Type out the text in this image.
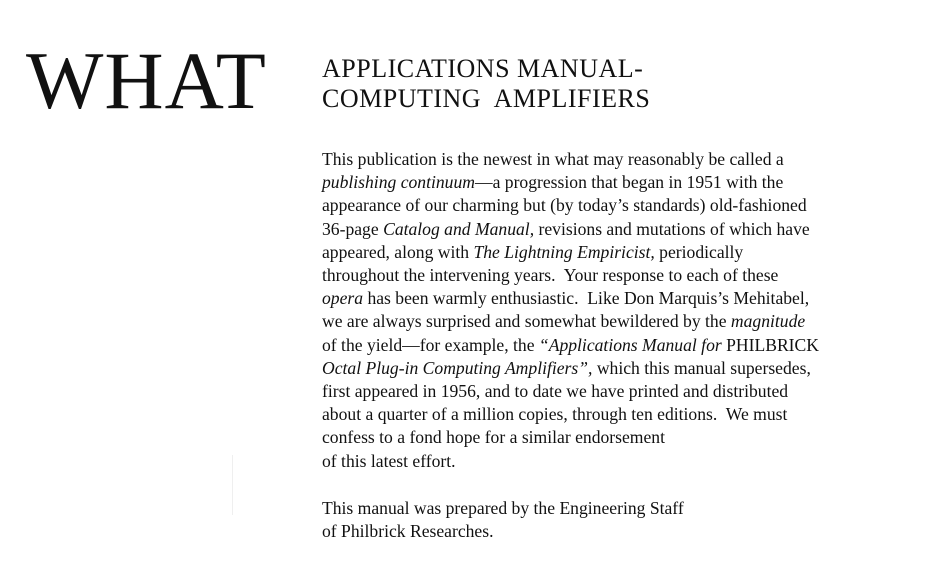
WHAT APPLICATIONS MANUAL-
COMPUTING  AMPLIFIERS

This publication is the newest in what may reasonably be called a
publishing continuum—a progression that began in 1951 with the
appearance of our charming but (by today’s standards) old-fashioned
36-page Catalog and Manual, revisions and mutations of which have
appeared, along with The Lightning Empiricist, periodically
throughout the intervening years.  Your response to each of these
opera has been warmly enthusiastic.  Like Don Marquis’s Mehitabel,
we are always surprised and somewhat bewildered by the magnitude
of the yield—for example, the “Applications Manual for PHILBRICK
Octal Plug-in Computing Amplifiers”, which this manual supersedes,
first appeared in 1956, and to date we have printed and distributed
about a quarter of a million copies, through ten editions.  We must
confess to a fond hope for a similar endorsement
of this latest effort.

This manual was prepared by the Engineering Staff
of Philbrick Researches.
